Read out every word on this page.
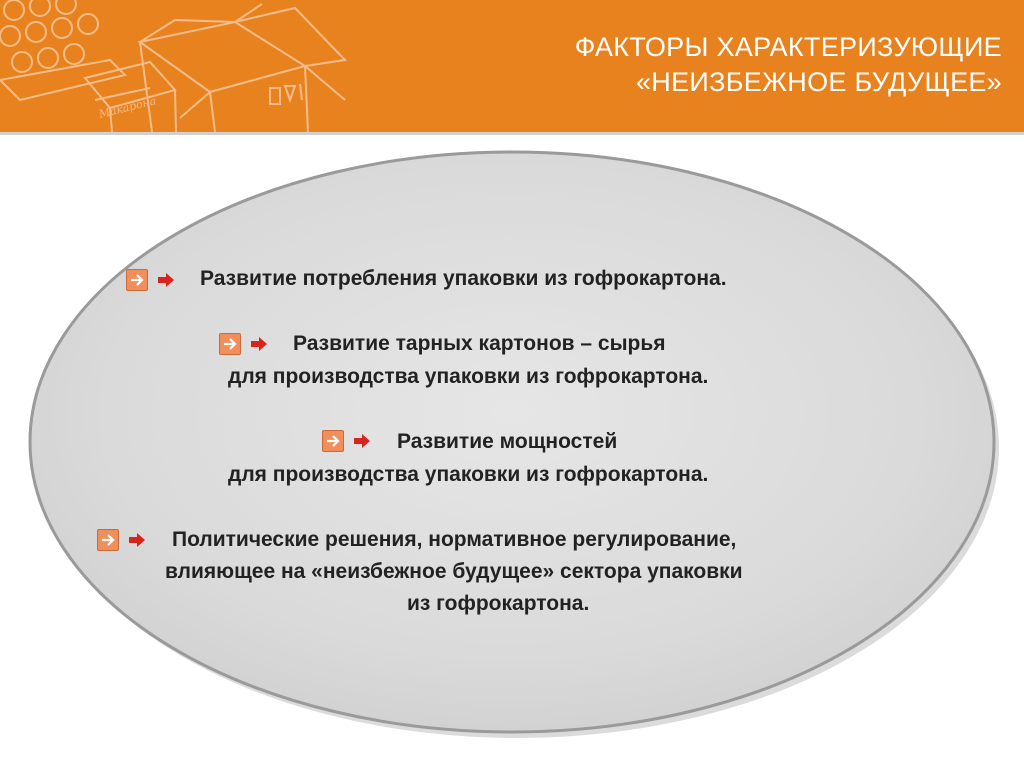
Макарона
ФАКТОРЫ ХАРАКТЕРИЗУЮЩИЕ
«НЕИЗБЕЖНОЕ БУДУЩЕЕ»
Развитие потребления упаковки из гофрокартона.
Развитие тарных картонов – сырья
для производства упаковки из гофрокартона.
Развитие мощностей
для производства упаковки из гофрокартона.
Политические решения, нормативное регулирование,
влияющее на «неизбежное будущее» сектора упаковки
из гофрокартона.
